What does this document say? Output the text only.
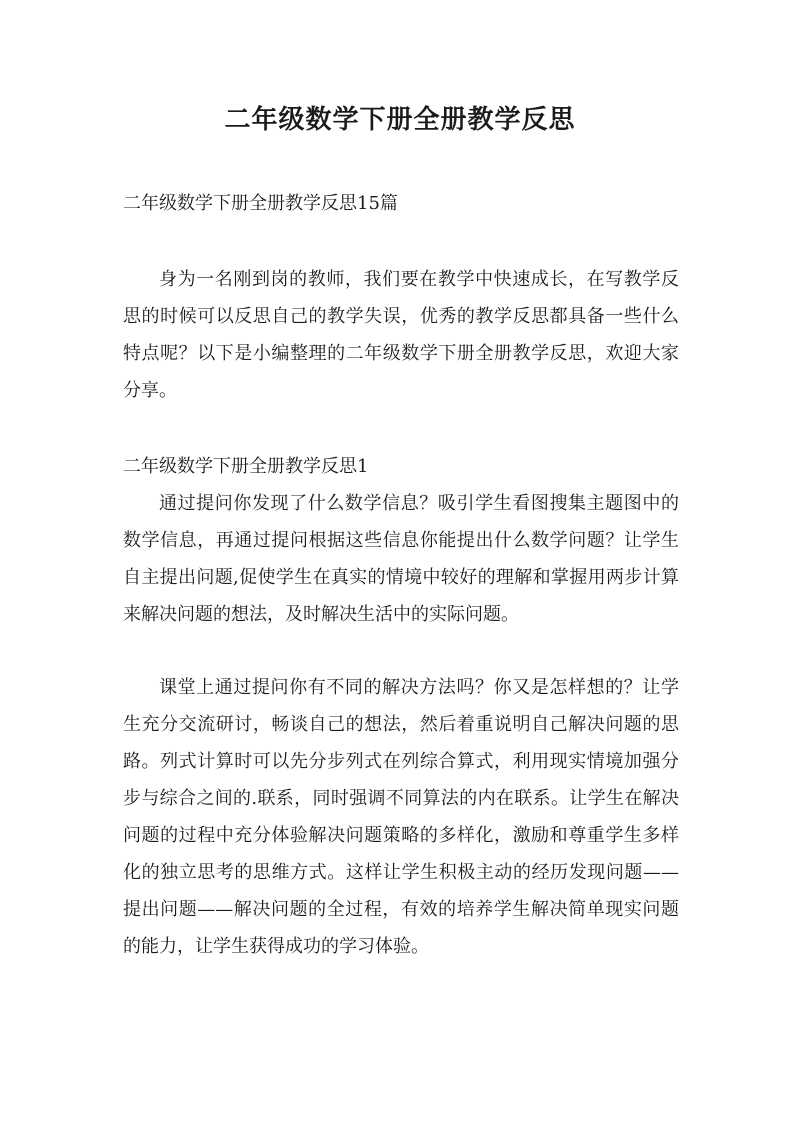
二年级数学下册全册教学反思

二年级数学下册全册教学反思15篇

身为一名刚到岗的教师，我们要在教学中快速成长，在写教学反思的时候可以反思自己的教学失误，优秀的教学反思都具备一些什么特点呢？以下是小编整理的二年级数学下册全册教学反思，欢迎大家分享。

二年级数学下册全册教学反思1

通过提问你发现了什么数学信息？吸引学生看图搜集主题图中的数学信息，再通过提问根据这些信息你能提出什么数学问题？让学生自主提出问题,促使学生在真实的情境中较好的理解和掌握用两步计算来解决问题的想法，及时解决生活中的实际问题。

课堂上通过提问你有不同的解决方法吗？你又是怎样想的？让学生充分交流研讨，畅谈自己的想法，然后着重说明自己解决问题的思路。列式计算时可以先分步列式在列综合算式，利用现实情境加强分步与综合之间的.联系，同时强调不同算法的内在联系。让学生在解决问题的过程中充分体验解决问题策略的多样化，激励和尊重学生多样化的独立思考的思维方式。这样让学生积极主动的经历发现问题——提出问题——解决问题的全过程，有效的培养学生解决简单现实问题的能力，让学生获得成功的学习体验。
